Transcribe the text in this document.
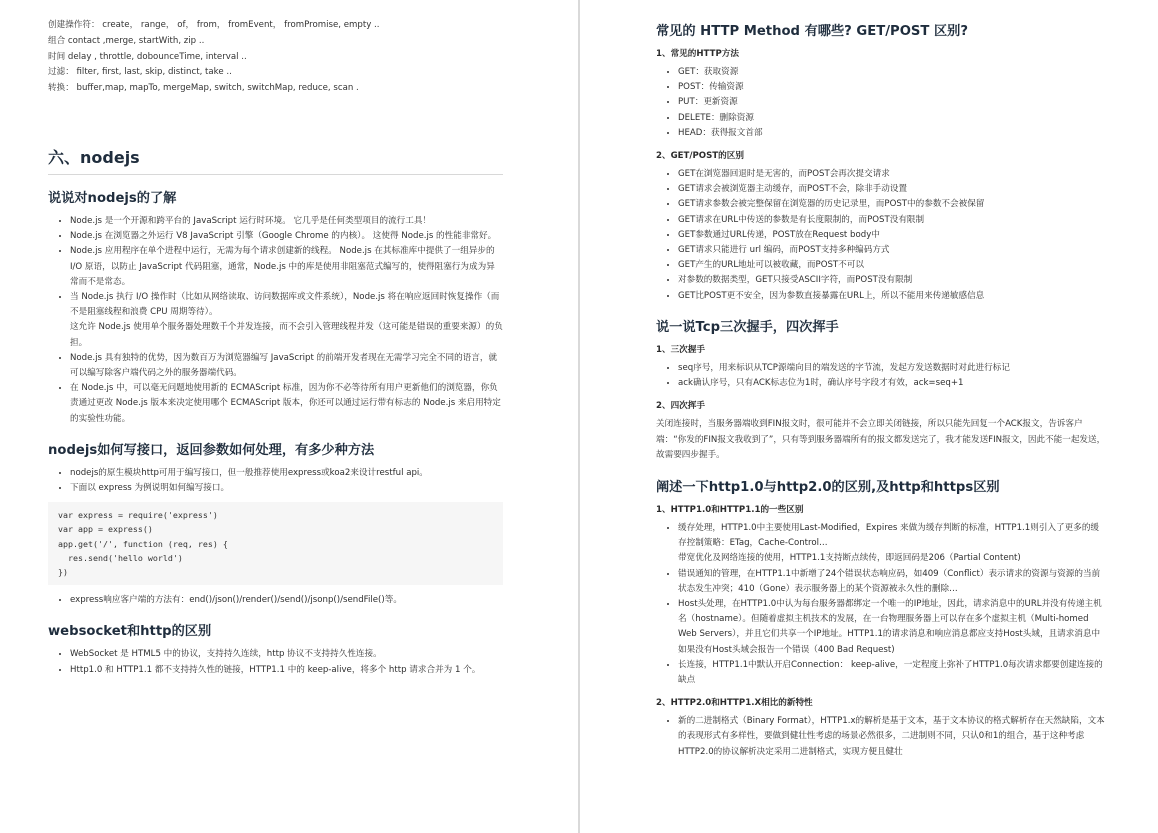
创建操作符： create， range， of， from， fromEvent， fromPromise, empty ..
组合 contact ,merge, startWith, zip ..
时间 delay , throttle, dobounceTime, interval ..
过滤： filter, first, last, skip, distinct, take ..
转换： buffer,map, mapTo, mergeMap, switch, switchMap, reduce, scan .
六、nodejs
说说对nodejs的了解
• Node.js 是一个开源和跨平台的 JavaScript 运行时环境。 它几乎是任何类型项目的流行工具！
• Node.js 在浏览器之外运行 V8 JavaScript 引擎（Google Chrome 的内核）。 这使得 Node.js 的性能非常好。
• Node.js 应用程序在单个进程中运行，无需为每个请求创建新的线程。 Node.js 在其标准库中提供了一组异步的 I/O 原语，以防止 JavaScript 代码阻塞，通常，Node.js 中的库是使用非阻塞范式编写的，使得阻塞行为成为异常而不是常态。
• 当 Node.js 执行 I/O 操作时（比如从网络读取、访问数据库或文件系统），Node.js 将在响应返回时恢复操作（而不是阻塞线程和浪费 CPU 周期等待）。
这允许 Node.js 使用单个服务器处理数千个并发连接，而不会引入管理线程并发（这可能是错误的重要来源）的负担。
• Node.js 具有独特的优势，因为数百万为浏览器编写 JavaScript 的前端开发者现在无需学习完全不同的语言，就可以编写除客户端代码之外的服务器端代码。
• 在 Node.js 中，可以毫无问题地使用新的 ECMAScript 标准，因为你不必等待所有用户更新他们的浏览器，你负责通过更改 Node.js 版本来决定使用哪个 ECMAScript 版本，你还可以通过运行带有标志的 Node.js 来启用特定的实验性功能。
nodejs如何写接口，返回参数如何处理，有多少种方法
• nodejs的原生模块http可用于编写接口，但一般推荐使用express或koa2来设计restful api。
• 下面以 express 为例说明如何编写接口。
var express = require('express')
var app = express()
app.get('/', function (req, res) {
res.send('hello world')
})
• express响应客户端的方法有：end()/json()/render()/send()/jsonp()/sendFile()等。
websocket和http的区别
• WebSocket 是 HTML5 中的协议，支持持久连续，http 协议不支持持久性连接。
• Http1.0 和 HTTP1.1 都不支持持久性的链接，HTTP1.1 中的 keep-alive，将多个 http 请求合并为 1 个。
常见的 HTTP Method 有哪些? GET/POST 区别?
1、常见的HTTP方法
• GET：获取资源
• POST：传输资源
• PUT：更新资源
• DELETE：删除资源
• HEAD：获得报文首部
2、GET/POST的区别
• GET在浏览器回退时是无害的，而POST会再次提交请求
• GET请求会被浏览器主动缓存，而POST不会，除非手动设置
• GET请求参数会被完整保留在浏览器的历史记录里，而POST中的参数不会被保留
• GET请求在URL中传送的参数是有长度限制的，而POST没有限制
• GET参数通过URL传递，POST放在Request body中
• GET请求只能进行 url 编码，而POST支持多种编码方式
• GET产生的URL地址可以被收藏，而POST不可以
• 对参数的数据类型，GET只接受ASCII字符，而POST没有限制
• GET比POST更不安全，因为参数直接暴露在URL上，所以不能用来传递敏感信息
说一说Tcp三次握手，四次挥手
1、三次握手
• seq序号，用来标识从TCP源端向目的端发送的字节流，发起方发送数据时对此进行标记
• ack确认序号，只有ACK标志位为1时，确认序号字段才有效，ack=seq+1
2、四次挥手

关闭连接时，当服务器端收到FIN报文时，很可能并不会立即关闭链接，所以只能先回复一个ACK报文，告诉客户端：“你发的FIN报文我收到了”，只有等到服务器端所有的报文都发送完了，我才能发送FIN报文，因此不能一起发送，故需要四步握手。

阐述一下http1.0与http2.0的区别,及http和https区别
1、HTTP1.0和HTTP1.1的一些区别
• 缓存处理，HTTP1.0中主要使用Last-Modified，Expires 来做为缓存判断的标准，HTTP1.1则引入了更多的缓存控制策略：ETag，Cache-Control…
带宽优化及网络连接的使用，HTTP1.1支持断点续传，即返回码是206（Partial Content)
• 错误通知的管理，在HTTP1.1中新增了24个错误状态响应码，如409（Conflict）表示请求的资源与资源的当前状态发生冲突；410（Gone）表示服务器上的某个资源被永久性的删除…
• Host头处理，在HTTP1.0中认为每台服务器都绑定一个唯一的IP地址，因此，请求消息中的URL并没有传递主机名（hostname）。但随着虚拟主机技术的发展，在一台物理服务器上可以存在多个虚拟主机（Multi-homed Web Servers），并且它们共享一个IP地址。HTTP1.1的请求消息和响应消息都应支持Host头域，且请求消息中如果没有Host头域会报告一个错误（400 Bad Request)
• 长连接，HTTP1.1中默认开启Connection： keep-alive，一定程度上弥补了HTTP1.0每次请求都要创建连接的缺点
2、HTTP2.0和HTTP1.X相比的新特性
• 新的二进制格式（Binary Format），HTTP1.x的解析是基于文本，基于文本协议的格式解析存在天然缺陷，文本的表现形式有多样性，要做到健壮性考虑的场景必然很多，二进制则不同，只认0和1的组合，基于这种考虑HTTP2.0的协议解析决定采用二进制格式，实现方便且健壮
